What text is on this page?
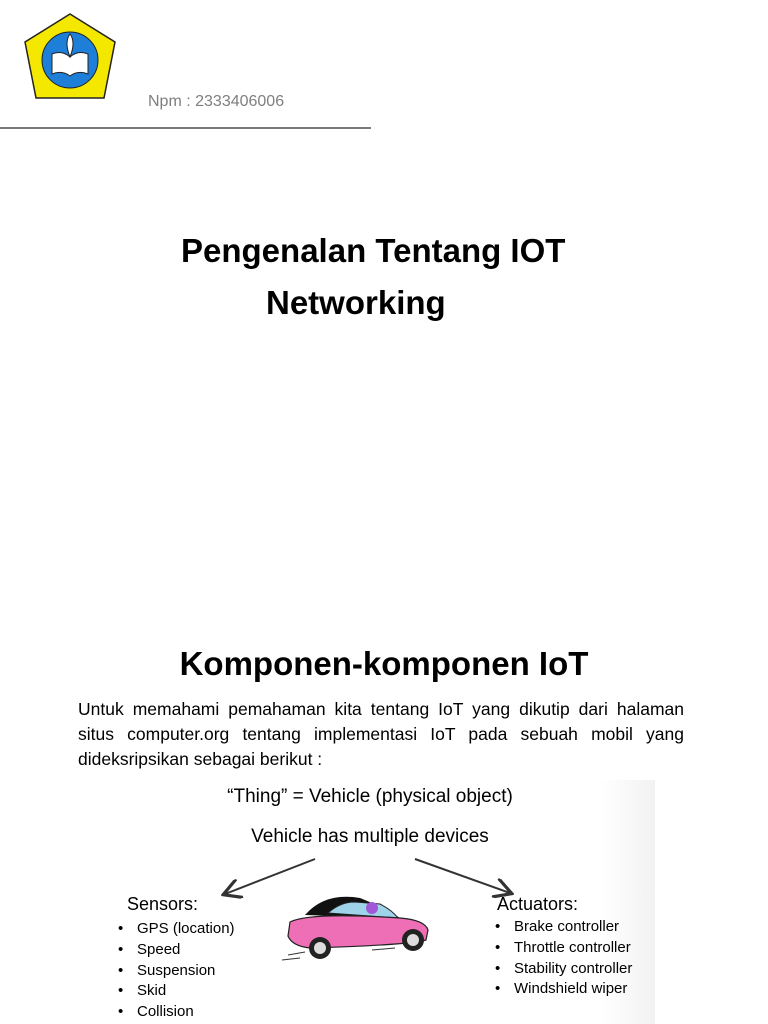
Npm : 2333406006
Pengenalan Tentang IOT
Networking
Komponen-komponen IoT
Untuk memahami pemahaman kita tentang IoT yang dikutip dari halaman situs computer.org tentang implementasi IoT pada sebuah mobil yang dideksripsikan sebagai berikut :
“Thing” = Vehicle (physical object)
Vehicle has multiple devices
Sensors:
• GPS (location)
• Speed
• Suspension
• Skid
• Collision
Actuators:
• Brake controller
• Throttle controller
• Stability controller
• Windshield wiper
